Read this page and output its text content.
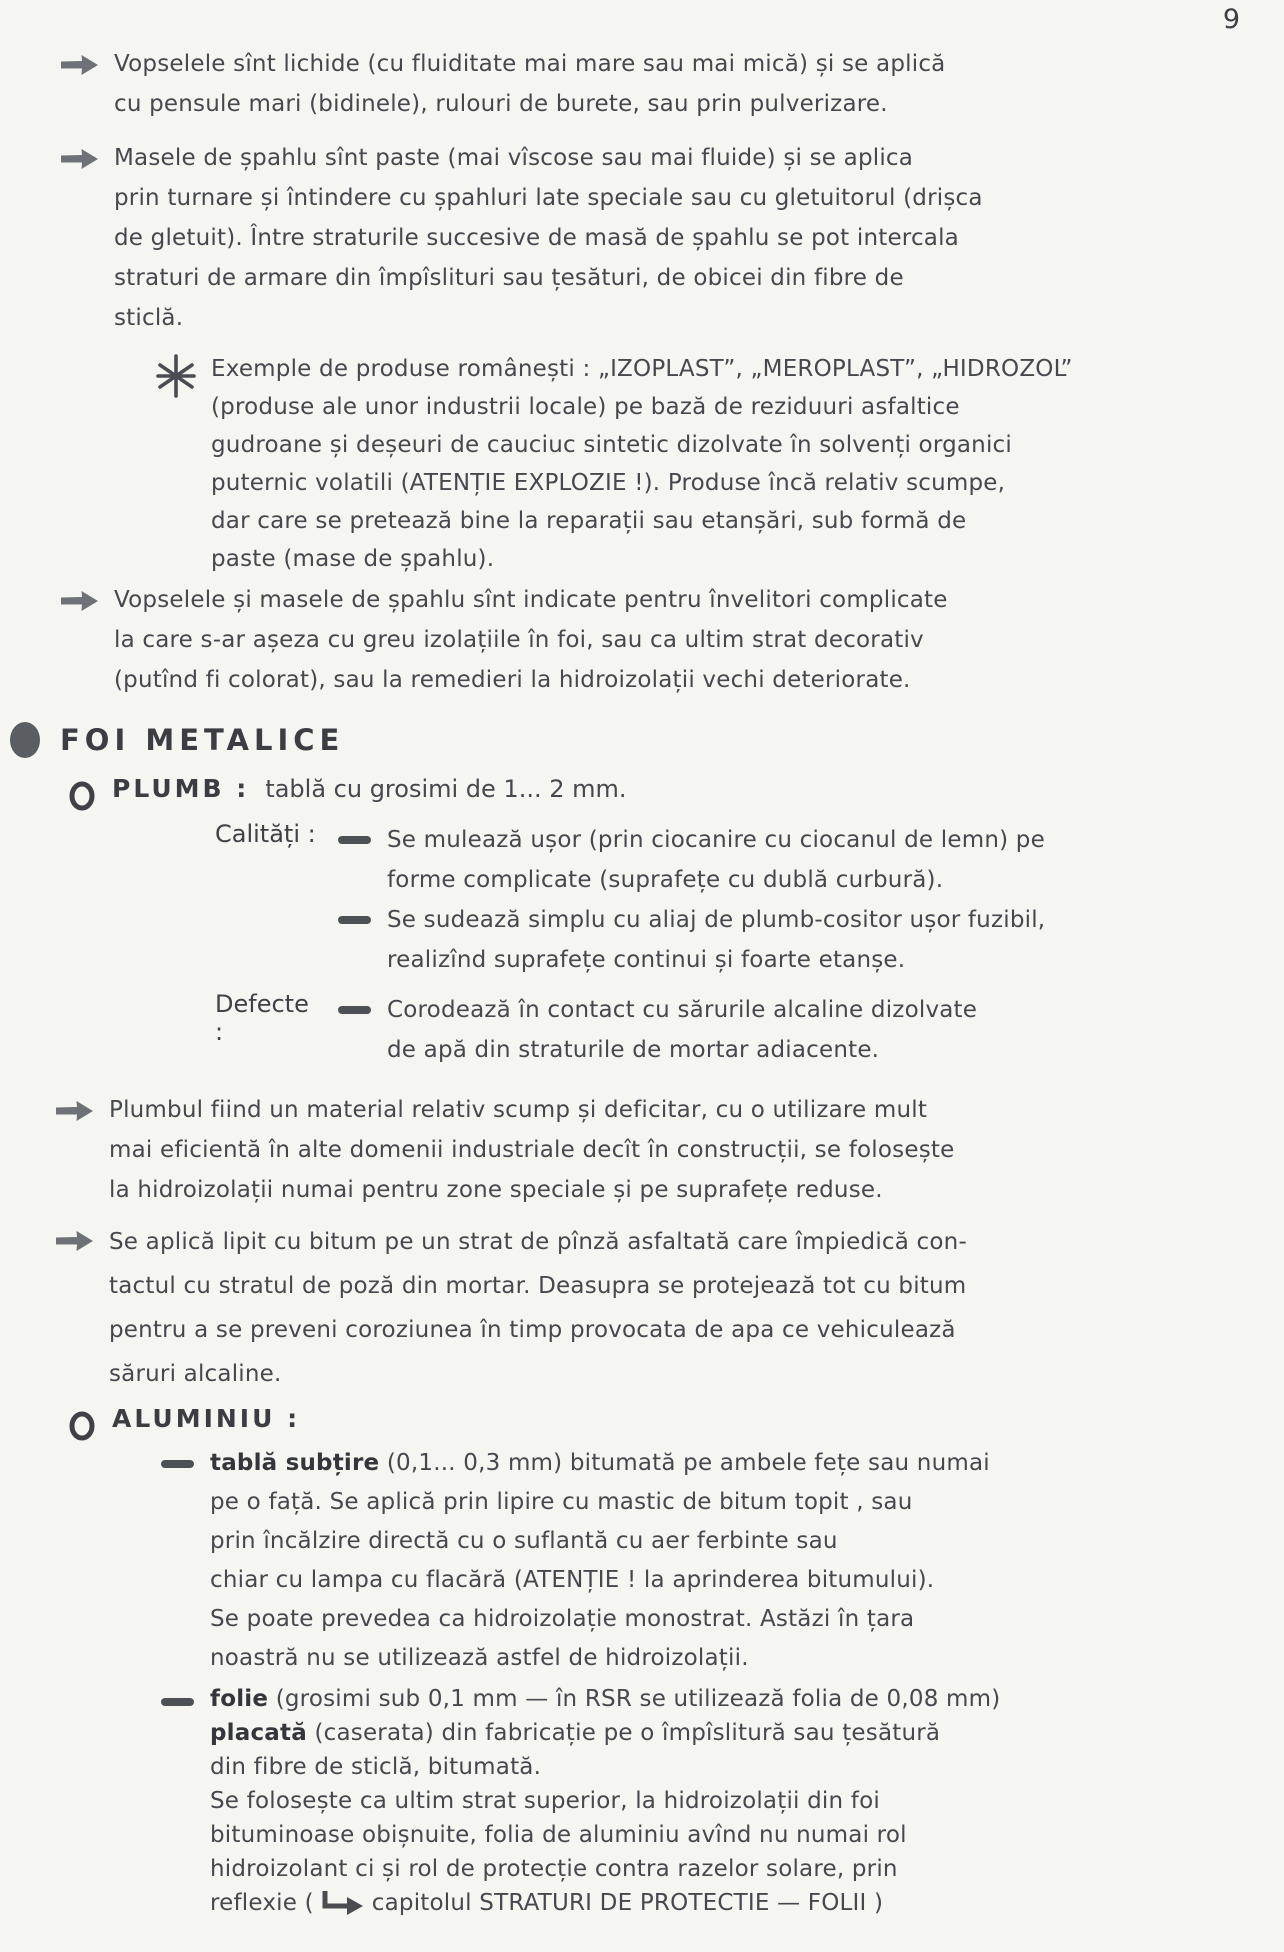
9
Vopselele sînt lichide (cu fluiditate mai mare sau mai mică) și se aplică
cu pensule mari (bidinele), rulouri de burete, sau prin pulverizare.
Masele de șpahlu sînt paste (mai vîscose sau mai fluide) și se aplica
prin turnare și întindere cu șpahluri late speciale sau cu gletuitorul (drișca
de gletuit). Între straturile succesive de masă de șpahlu se pot intercala
straturi de armare din împîslituri sau țesături, de obicei din fibre de
sticlă.
Exemple de produse românești : „IZOPLAST”, „MEROPLAST”, „HIDROZOL”
(produse ale unor industrii locale) pe bază de reziduuri asfaltice
gudroane și deșeuri de cauciuc sintetic dizolvate în solvenți organici
puternic volatili (ATENȚIE EXPLOZIE !). Produse încă relativ scumpe,
dar care se pretează bine la reparații sau etanșări, sub formă de
paste (mase de șpahlu).
Vopselele și masele de șpahlu sînt indicate pentru învelitori complicate
la care s-ar așeza cu greu izolațiile în foi, sau ca ultim strat decorativ
(putînd fi colorat), sau la remedieri la hidroizolații vechi deteriorate.
FOI METALICE
PLUMB : tablă cu grosimi de 1... 2 mm.
Calități :	Se mulează ușor (prin ciocanire cu ciocanul de lemn) pe
forme complicate (suprafețe cu dublă curbură).
Se sudează simplu cu aliaj de plumb-cositor ușor fuzibil,
realizînd suprafețe continui și foarte etanșe.
Defecte :
Corodează în contact cu sărurile alcaline dizolvate
de apă din straturile de mortar adiacente.
Plumbul fiind un material relativ scump și deficitar, cu o utilizare mult
mai eficientă în alte domenii industriale decît în construcții, se folosește
la hidroizolații numai pentru zone speciale și pe suprafețe reduse.
Se aplică lipit cu bitum pe un strat de pînză asfaltată care împiedică con-
tactul cu stratul de poză din mortar. Deasupra se protejează tot cu bitum
pentru a se preveni coroziunea în timp provocata de apa ce vehiculează
săruri alcaline.
ALUMINIU :
tablă subțire (0,1... 0,3 mm) bitumată pe ambele fețe sau numai
pe o față. Se aplică prin lipire cu mastic de bitum topit , sau
prin încălzire directă cu o suflantă cu aer ferbinte sau
chiar cu lampa cu flacără (ATENȚIE ! la aprinderea bitumului).
Se poate prevedea ca hidroizolație monostrat. Astăzi în țara
noastră nu se utilizează astfel de hidroizolații.
folie (grosimi sub 0,1 mm — în RSR se utilizează folia de 0,08 mm)
placată (caserata) din fabricație pe o împîslitură sau țesătură
din fibre de sticlă, bitumată.
Se folosește ca ultim strat superior, la hidroizolații din foi
bituminoase obișnuite, folia de aluminiu avînd nu numai rol
hidroizolant ci și rol de protecție contra razelor solare, prin
reflexie (	capitolul STRATURI DE PROTECTIE — FOLII )
